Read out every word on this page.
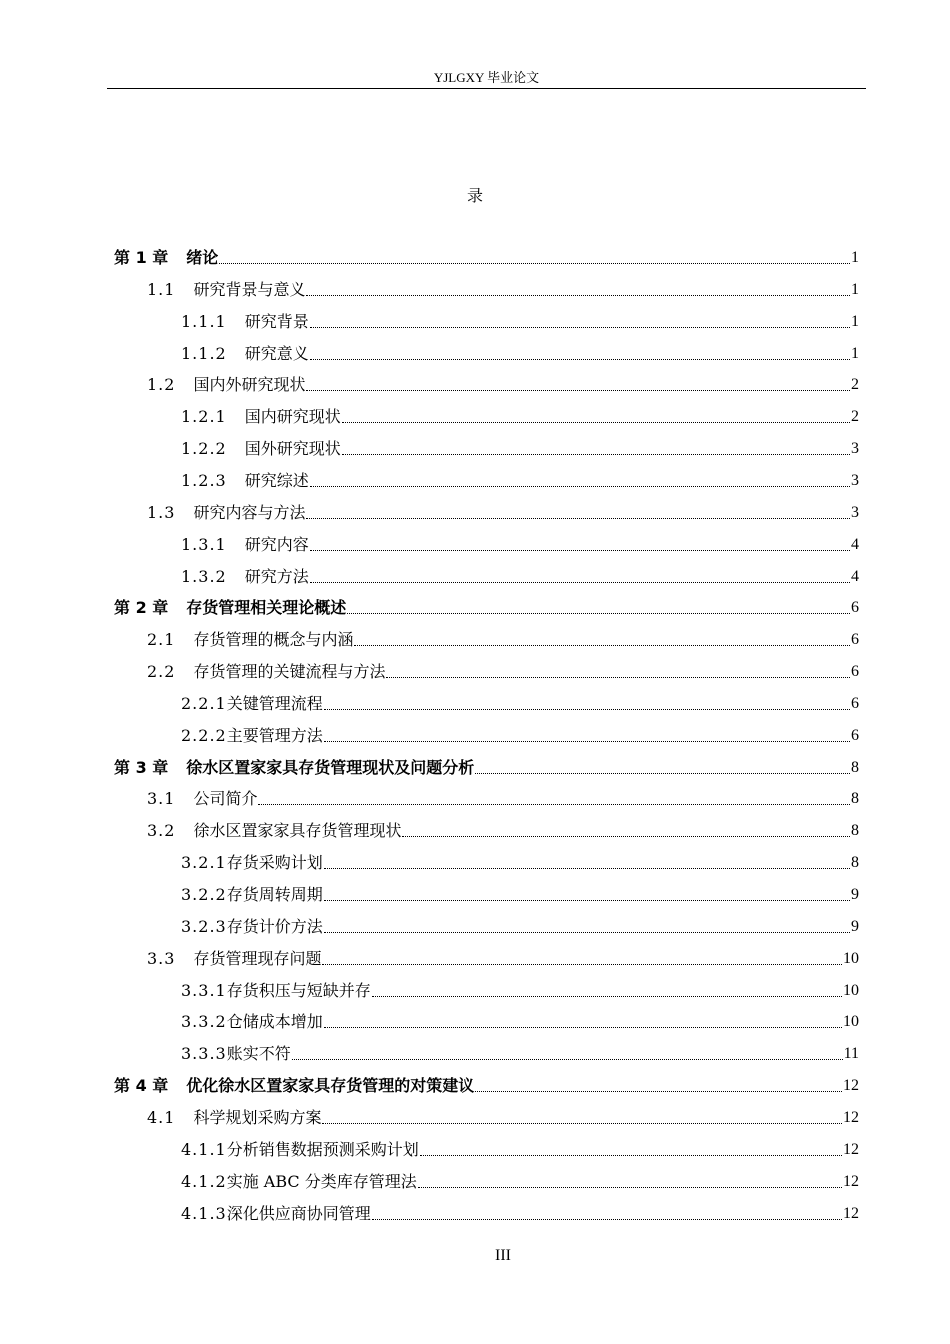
YJLGXY 毕业论文
录
第 1 章 绪论	1
1.1 研究背景与意义	1
1.1.1 研究背景	1
1.1.2 研究意义	1
1.2 国内外研究现状	2
1.2.1 国内研究现状	2
1.2.2 国外研究现状	3
1.2.3 研究综述	3
1.3 研究内容与方法	3
1.3.1 研究内容	4
1.3.2 研究方法	4
第 2 章 存货管理相关理论概述	6
2.1 存货管理的概念与内涵	6
2.2 存货管理的关键流程与方法	6
2.2.1关键管理流程	6
2.2.2主要管理方法	6
第 3 章 徐水区置家家具存货管理现状及问题分析	8
3.1 公司简介	8
3.2 徐水区置家家具存货管理现状	8
3.2.1存货采购计划	8
3.2.2存货周转周期	9
3.2.3存货计价方法	9
3.3 存货管理现存问题	10
3.3.1存货积压与短缺并存	10
3.3.2仓储成本增加	10
3.3.3账实不符	11
第 4 章 优化徐水区置家家具存货管理的对策建议	12
4.1 科学规划采购方案	12
4.1.1分析销售数据预测采购计划	12
4.1.2实施 ABC 分类库存管理法	12
4.1.3深化供应商协同管理	12
III
